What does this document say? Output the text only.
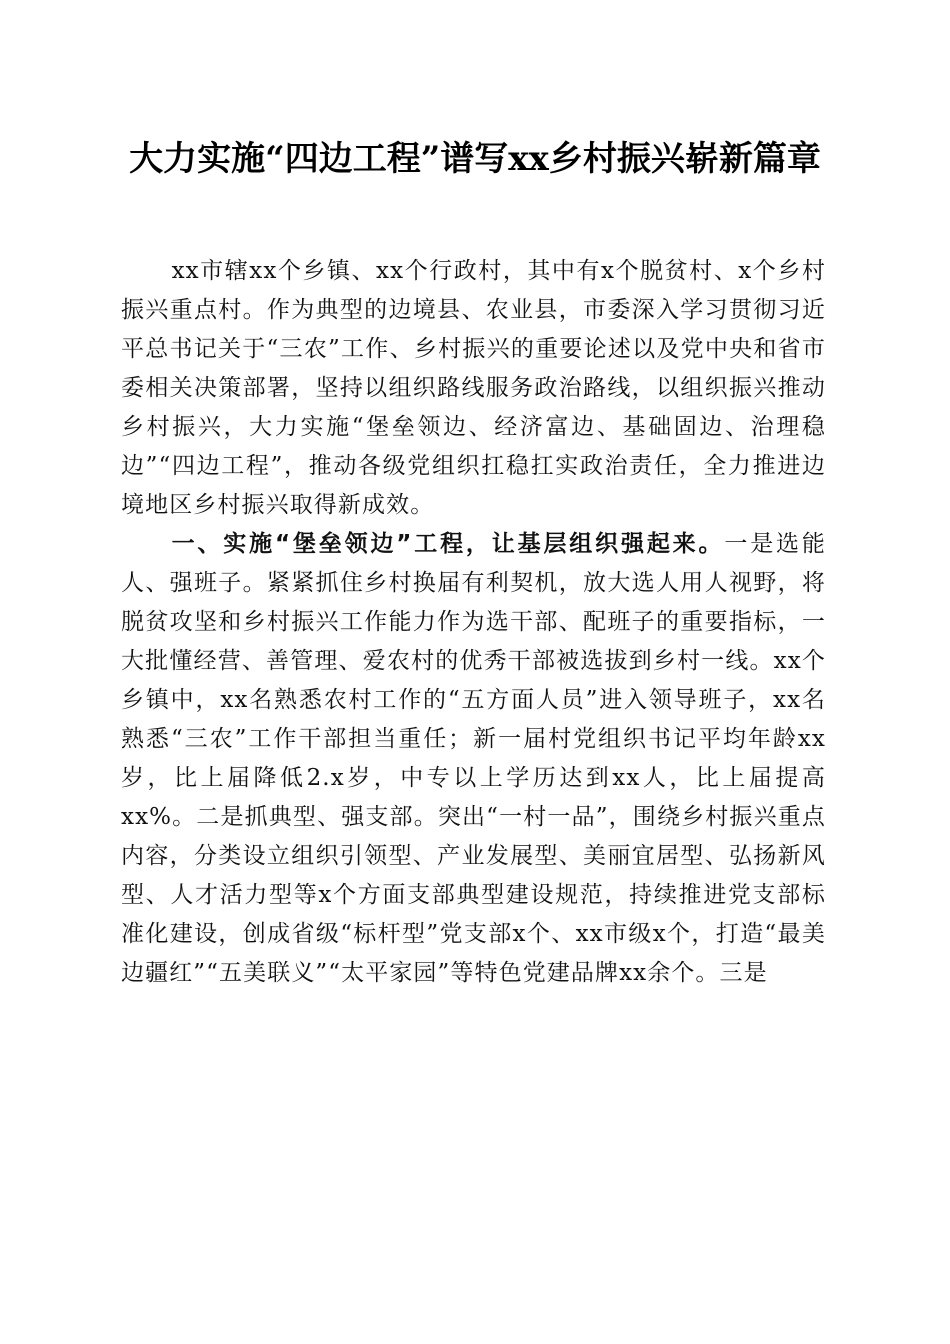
大力实施“四边工程”谱写xx乡村振兴崭新篇章

xx市辖xx个乡镇、xx个行政村，其中有x个脱贫村、x个乡村振兴重点村。作为典型的边境县、农业县，市委深入学习贯彻习近平总书记关于“三农”工作、乡村振兴的重要论述以及党中央和省市委相关决策部署，坚持以组织路线服务政治路线，以组织振兴推动乡村振兴，大力实施“堡垒领边、经济富边、基础固边、治理稳边”“四边工程”，推动各级党组织扛稳扛实政治责任，全力推进边境地区乡村振兴取得新成效。

一、实施“堡垒领边”工程，让基层组织强起来。一是选能人、强班子。紧紧抓住乡村换届有利契机，放大选人用人视野，将脱贫攻坚和乡村振兴工作能力作为选干部、配班子的重要指标，一大批懂经营、善管理、爱农村的优秀干部被选拔到乡村一线。xx个乡镇中，xx名熟悉农村工作的“五方面人员”进入领导班子，xx名熟悉“三农”工作干部担当重任；新一届村党组织书记平均年龄xx岁，比上届降低2.x岁，中专以上学历达到xx人，比上届提高xx%。二是抓典型、强支部。突出“一村一品”，围绕乡村振兴重点内容，分类设立组织引领型、产业发展型、美丽宜居型、弘扬新风型、人才活力型等x个方面支部典型建设规范，持续推进党支部标准化建设，创成省级“标杆型”党支部x个、xx市级x个，打造“最美边疆红”“五美联义”“太平家园”等特色党建品牌xx余个。三是
